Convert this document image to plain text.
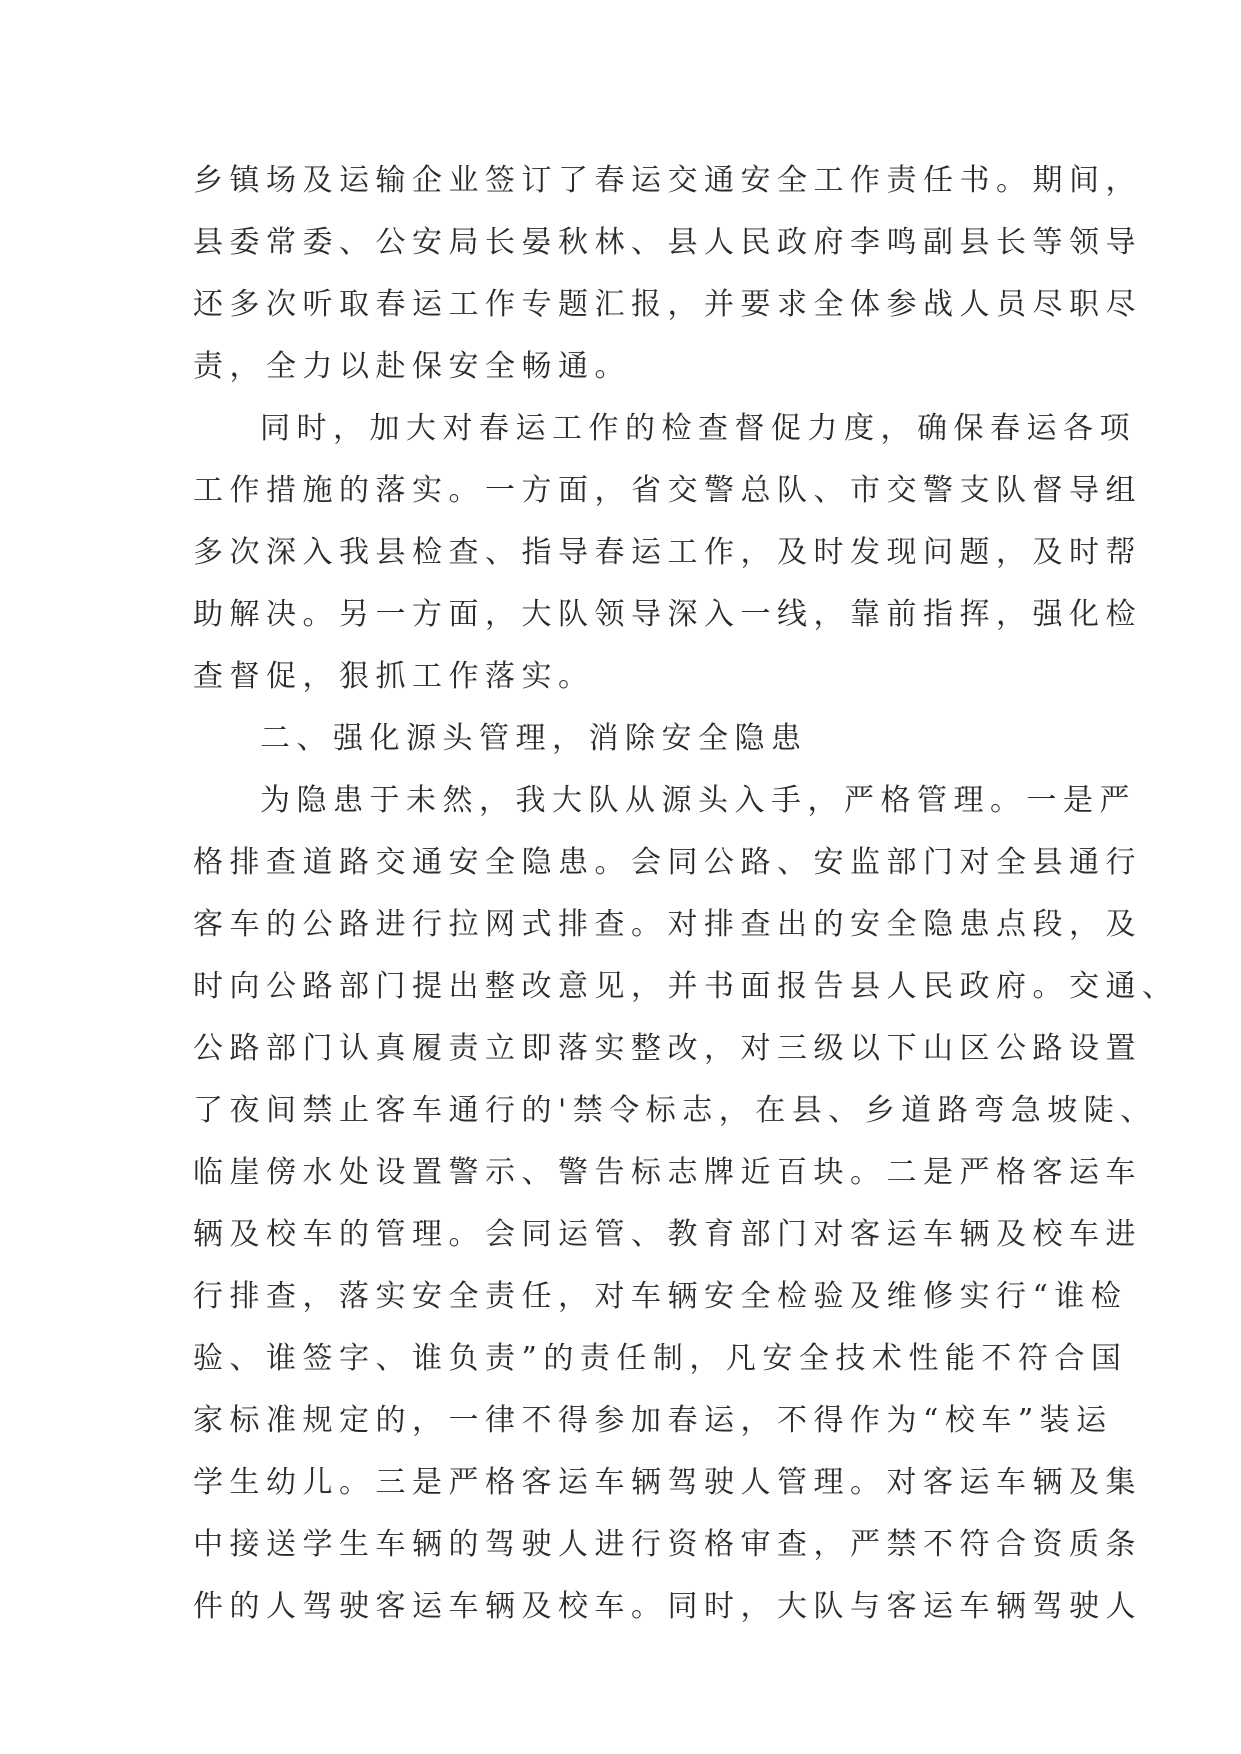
乡镇场及运输企业签订了春运交通安全工作责任书。期间，
县委常委、公安局长晏秋林、县人民政府李鸣副县长等领导
还多次听取春运工作专题汇报，并要求全体参战人员尽职尽
责，全力以赴保安全畅通。
同时，加大对春运工作的检查督促力度，确保春运各项
工作措施的落实。一方面，省交警总队、市交警支队督导组
多次深入我县检查、指导春运工作，及时发现问题，及时帮
助解决。另一方面，大队领导深入一线，靠前指挥，强化检
查督促，狠抓工作落实。
二、强化源头管理，消除安全隐患
为隐患于未然，我大队从源头入手，严格管理。一是严
格排查道路交通安全隐患。会同公路、安监部门对全县通行
客车的公路进行拉网式排查。对排查出的安全隐患点段，及
时向公路部门提出整改意见，并书面报告县人民政府。交通、
公路部门认真履责立即落实整改，对三级以下山区公路设置
了夜间禁止客车通行的'禁令标志，在县、乡道路弯急坡陡、
临崖傍水处设置警示、警告标志牌近百块。二是严格客运车
辆及校车的管理。会同运管、教育部门对客运车辆及校车进
行排查，落实安全责任，对车辆安全检验及维修实行“谁检
验、谁签字、谁负责”的责任制，凡安全技术性能不符合国
家标准规定的，一律不得参加春运，不得作为“校车”装运
学生幼儿。三是严格客运车辆驾驶人管理。对客运车辆及集
中接送学生车辆的驾驶人进行资格审查，严禁不符合资质条
件的人驾驶客运车辆及校车。同时，大队与客运车辆驾驶人
